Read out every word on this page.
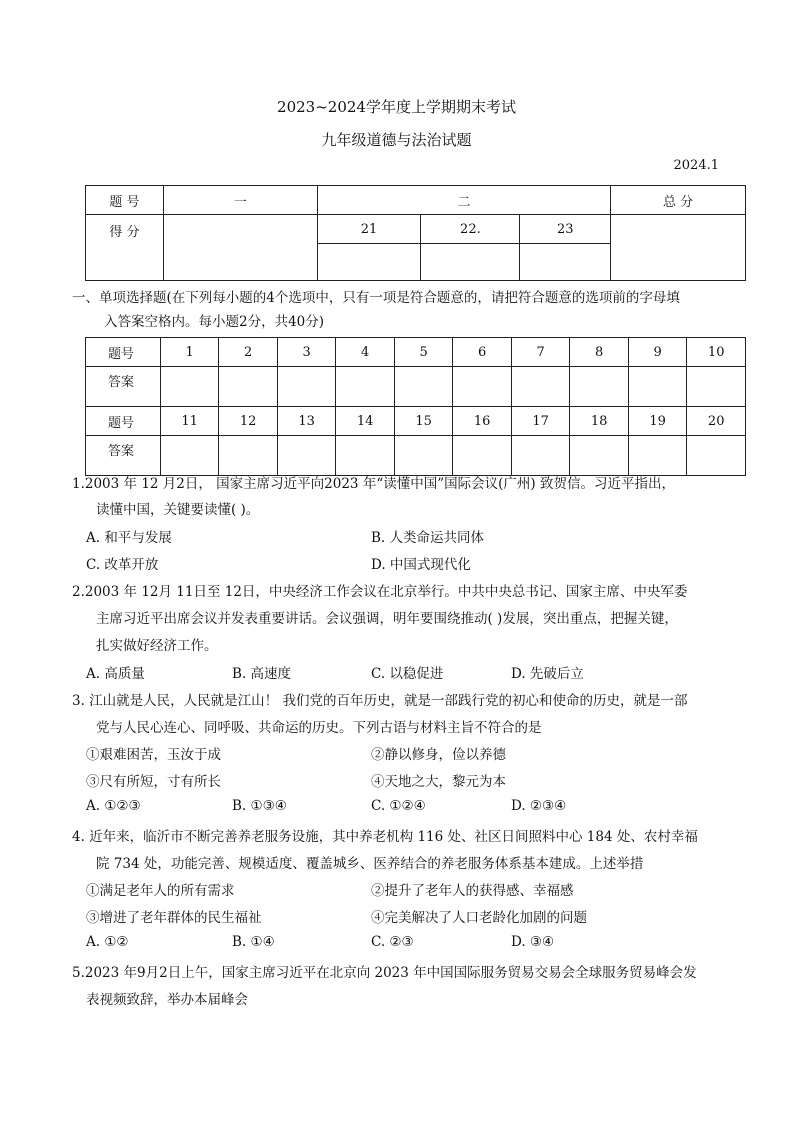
2023~2024学年度上学期期末考试
九年级道德与法治试题
2024.1
题 号	一	二			总 分
得 分		21	22.	23	

一、单项选择题(在下列每小题的4个选项中，只有一项是符合题意的，请把符合题意的选项前的字母填
入答案空格内。每小题2分，共40分)
题号	1	2	3	4	5	6	7	8	9	10
答案										
题号	11	12	13	14	15	16	17	18	19	20
答案										
1.2003 年 12 月2日， 国家主席习近平向2023 年“读懂中国”国际会议(广州) 致贺信。习近平指出，
读懂中国，关键要读懂( )。
A. 和平与发展	B. 人类命运共同体
C. 改革开放	D. 中国式现代化
2.2003 年 12月 11日至 12日，中央经济工作会议在北京举行。中共中央总书记、国家主席、中央军委
主席习近平出席会议并发表重要讲话。会议强调，明年要围绕推动( )发展，突出重点，把握关键，
扎实做好经济工作。
A. 高质量	B. 高速度	C. 以稳促进	D. 先破后立
3. 江山就是人民，人民就是江山！ 我们党的百年历史，就是一部践行党的初心和使命的历史，就是一部
党与人民心连心、同呼吸、共命运的历史。下列古语与材料主旨不符合的是
①艰难困苦，玉汝于成	②静以修身，俭以养德
③尺有所短，寸有所长	④天地之大，黎元为本
A. ①②③	B. ①③④	C. ①②④	D. ②③④
4. 近年来，临沂市不断完善养老服务设施，其中养老机构 116 处、社区日间照料中心 184 处、农村幸福
院 734 处，功能完善、规模适度、覆盖城乡、医养结合的养老服务体系基本建成。上述举措
①满足老年人的所有需求	②提升了老年人的获得感、幸福感
③增进了老年群体的民生福祉	④完美解决了人口老龄化加剧的问题
A. ①②	B. ①④	C. ②③	D. ③④
5.2023 年9月2日上午，国家主席习近平在北京向 2023 年中国国际服务贸易交易会全球服务贸易峰会发
表视频致辞，举办本届峰会
